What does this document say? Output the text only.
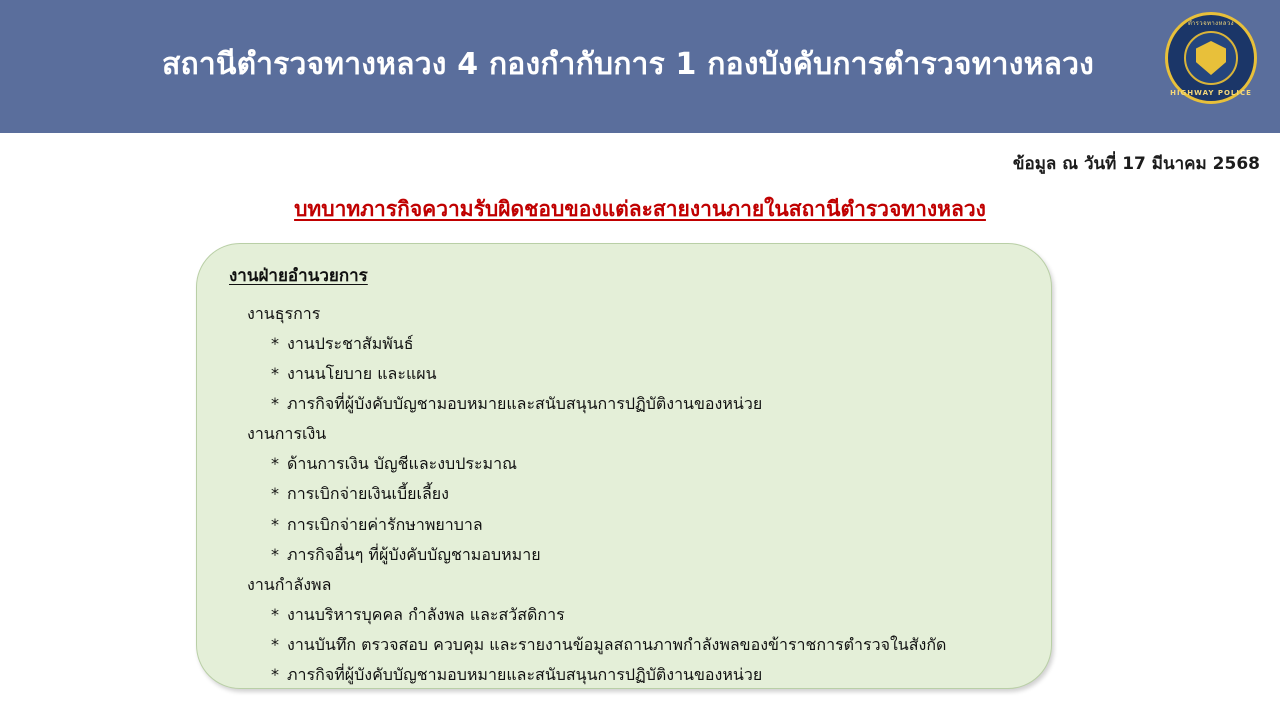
สถานีตำรวจทางหลวง 4 กองกำกับการ 1 กองบังคับการตำรวจทางหลวง
ตำรวจทางหลวง
HIGHWAY POLICE
ข้อมูล ณ วันที่ 17 มีนาคม 2568
บทบาทภารกิจความรับผิดชอบของแต่ละสายงานภายในสถานีตำรวจทางหลวง
งานฝ่ายอำนวยการ
งานธุรการ
* งานประชาสัมพันธ์
* งานนโยบาย และแผน
* ภารกิจที่ผู้บังคับบัญชามอบหมายและสนับสนุนการปฏิบัติงานของหน่วย
งานการเงิน
* ด้านการเงิน บัญชีและงบประมาณ
* การเบิกจ่ายเงินเบี้ยเลี้ยง
* การเบิกจ่ายค่ารักษาพยาบาล
* ภารกิจอื่นๆ ที่ผู้บังคับบัญชามอบหมาย
งานกำลังพล
* งานบริหารบุคคล กำลังพล และสวัสดิการ
* งานบันทึก ตรวจสอบ ควบคุม และรายงานข้อมูลสถานภาพกำลังพลของข้าราชการตำรวจในสังกัด
* ภารกิจที่ผู้บังคับบัญชามอบหมายและสนับสนุนการปฏิบัติงานของหน่วย
